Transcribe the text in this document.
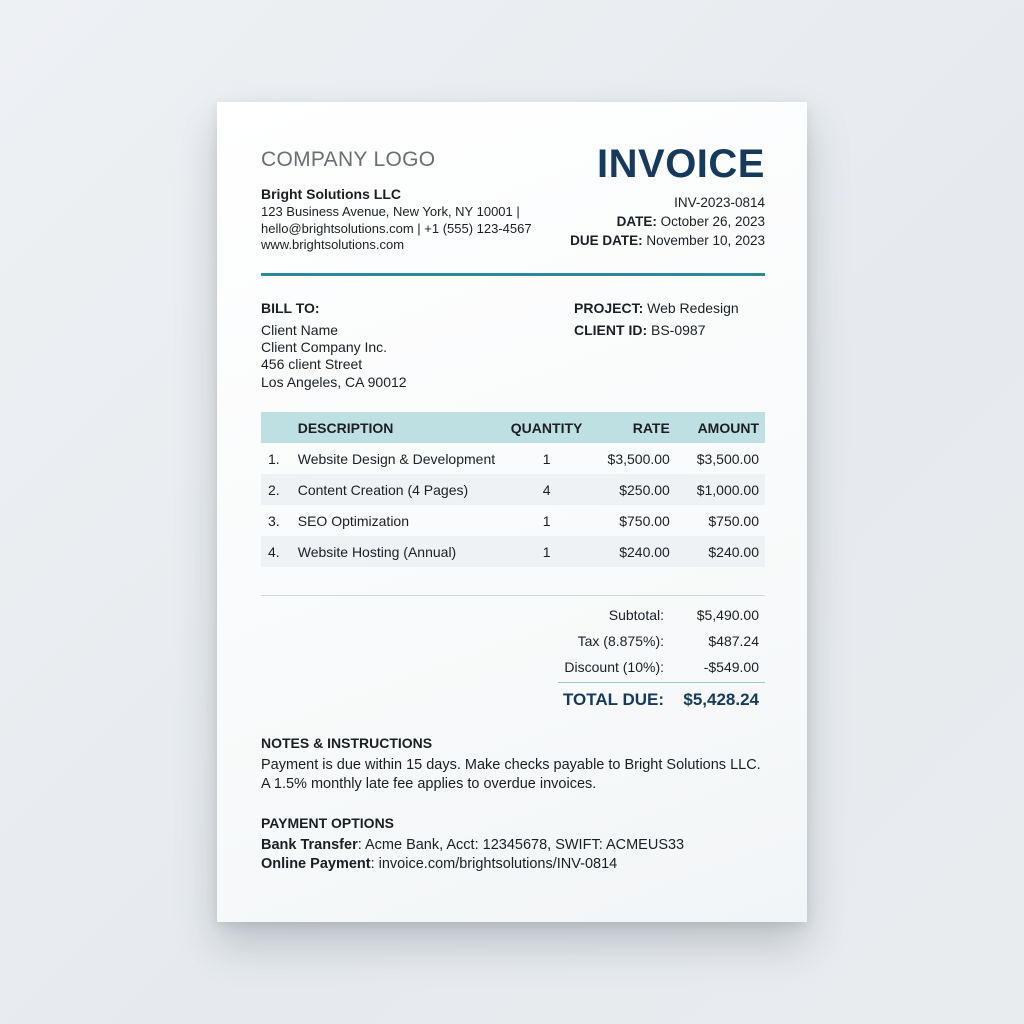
COMPANY LOGO
Bright Solutions LLC
123 Business Avenue, New York, NY 10001 |
hello@brightsolutions.com | +1 (555) 123-4567
www.brightsolutions.com
INVOICE
INV-2023-0814
DATE: October 26, 2023
DUE DATE: November 10, 2023
BILL TO:
Client Name
Client Company Inc.
456 client Street
Los Angeles, CA 90012
PROJECT: Web Redesign
CLIENT ID: BS-0987
	DESCRIPTION	QUANTITY	RATE	AMOUNT
1.	Website Design & Development	1	$3,500.00	$3,500.00
2.	Content Creation (4 Pages)	4	$250.00	$1,000.00
3.	SEO Optimization	1	$750.00	$750.00
4.	Website Hosting (Annual)	1	$240.00	$240.00
Subtotal: $5,490.00
Tax (8.875%):	$487.24
Discount (10%):	-$549.00
TOTAL DUE: $5,428.24
NOTES & INSTRUCTIONS
Payment is due within 15 days. Make checks payable to Bright Solutions LLC.
A 1.5% monthly late fee applies to overdue invoices.
PAYMENT OPTIONS
Bank Transfer: Acme Bank, Acct: 12345678, SWIFT: ACMEUS33
Online Payment: invoice.com/brightsolutions/INV-0814
